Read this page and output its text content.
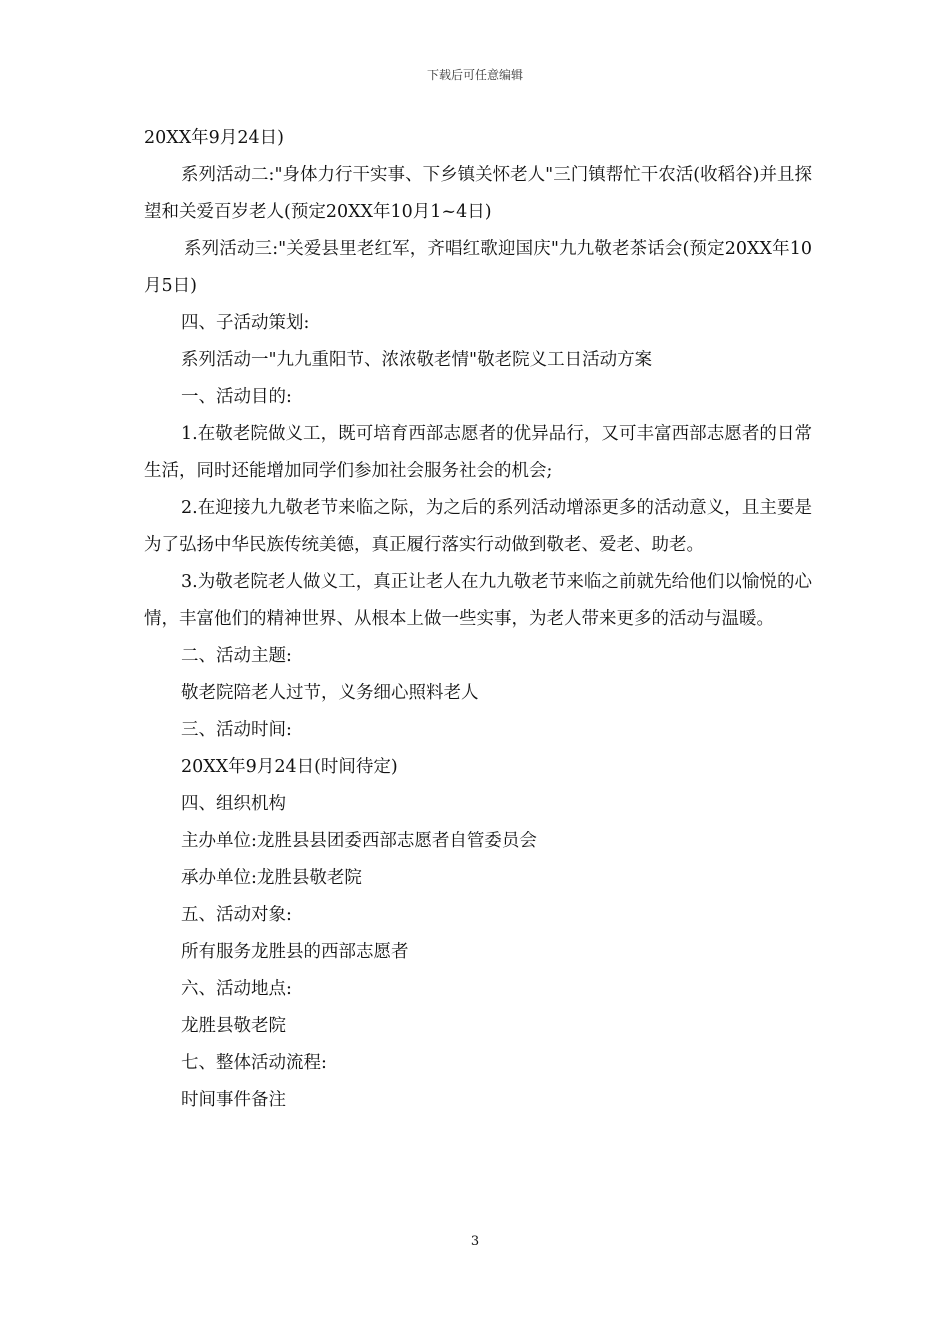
下载后可任意编辑

20XX年9月24日)

系列活动二:"身体力行干实事、下乡镇关怀老人"三门镇帮忙干农活(收稻谷)并且探望和关爱百岁老人(预定20XX年10月1~4日)

系列活动三:"关爱县里老红军，齐唱红歌迎国庆"九九敬老茶话会(预定20XX年10月5日)

四、子活动策划:

系列活动一"九九重阳节、浓浓敬老情"敬老院义工日活动方案

一、活动目的:

1.在敬老院做义工，既可培育西部志愿者的优异品行，又可丰富西部志愿者的日常生活，同时还能增加同学们参加社会服务社会的机会;

2.在迎接九九敬老节来临之际，为之后的系列活动增添更多的活动意义，且主要是为了弘扬中华民族传统美德，真正履行落实行动做到敬老、爱老、助老。

3.为敬老院老人做义工，真正让老人在九九敬老节来临之前就先给他们以愉悦的心情，丰富他们的精神世界、从根本上做一些实事，为老人带来更多的活动与温暖。

二、活动主题:

敬老院陪老人过节，义务细心照料老人

三、活动时间:

20XX年9月24日(时间待定)

四、组织机构

主办单位:龙胜县县团委西部志愿者自管委员会

承办单位:龙胜县敬老院

五、活动对象:

所有服务龙胜县的西部志愿者

六、活动地点:

龙胜县敬老院

七、整体活动流程:

时间事件备注

3
